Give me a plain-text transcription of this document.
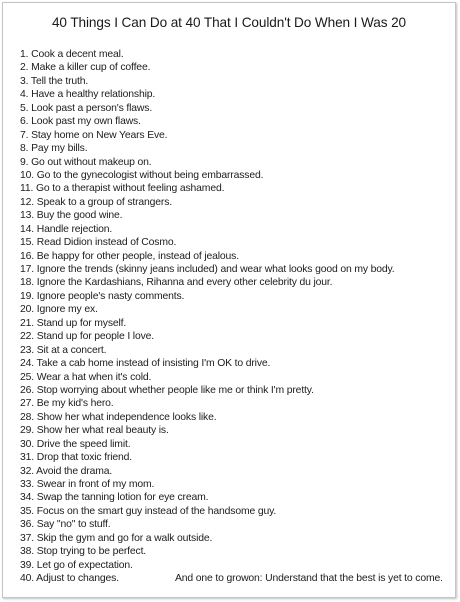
40 Things I Can Do at 40 That I Couldn't Do When I Was 20
1. Cook a decent meal.
2. Make a killer cup of coffee.
3. Tell the truth.
4. Have a healthy relationship.
5. Look past a person's flaws.
6. Look past my own flaws.
7. Stay home on New Years Eve.
8. Pay my bills.
9. Go out without makeup on.
10. Go to the gynecologist without being embarrassed.
11. Go to a therapist without feeling ashamed.
12. Speak to a group of strangers.
13. Buy the good wine.
14. Handle rejection.
15. Read Didion instead of Cosmo.
16. Be happy for other people, instead of jealous.
17. Ignore the trends (skinny jeans included) and wear what looks good on my body.
18. Ignore the Kardashians, Rihanna and every other celebrity du jour.
19. Ignore people's nasty comments.
20. Ignore my ex.
21. Stand up for myself.
22. Stand up for people I love.
23. Sit at a concert.
24. Take a cab home instead of insisting I'm OK to drive.
25. Wear a hat when it's cold.
26. Stop worrying about whether people like me or think I'm pretty.
27. Be my kid's hero.
28. Show her what independence looks like.
29. Show her what real beauty is.
30. Drive the speed limit.
31. Drop that toxic friend.
32. Avoid the drama.
33. Swear in front of my mom.
34. Swap the tanning lotion for eye cream.
35. Focus on the smart guy instead of the handsome guy.
36. Say "no" to stuff.
37. Skip the gym and go for a walk outside.
38. Stop trying to be perfect.
39. Let go of expectation.
40. Adjust to changes.	And one to growon: Understand that the best is yet to come.
